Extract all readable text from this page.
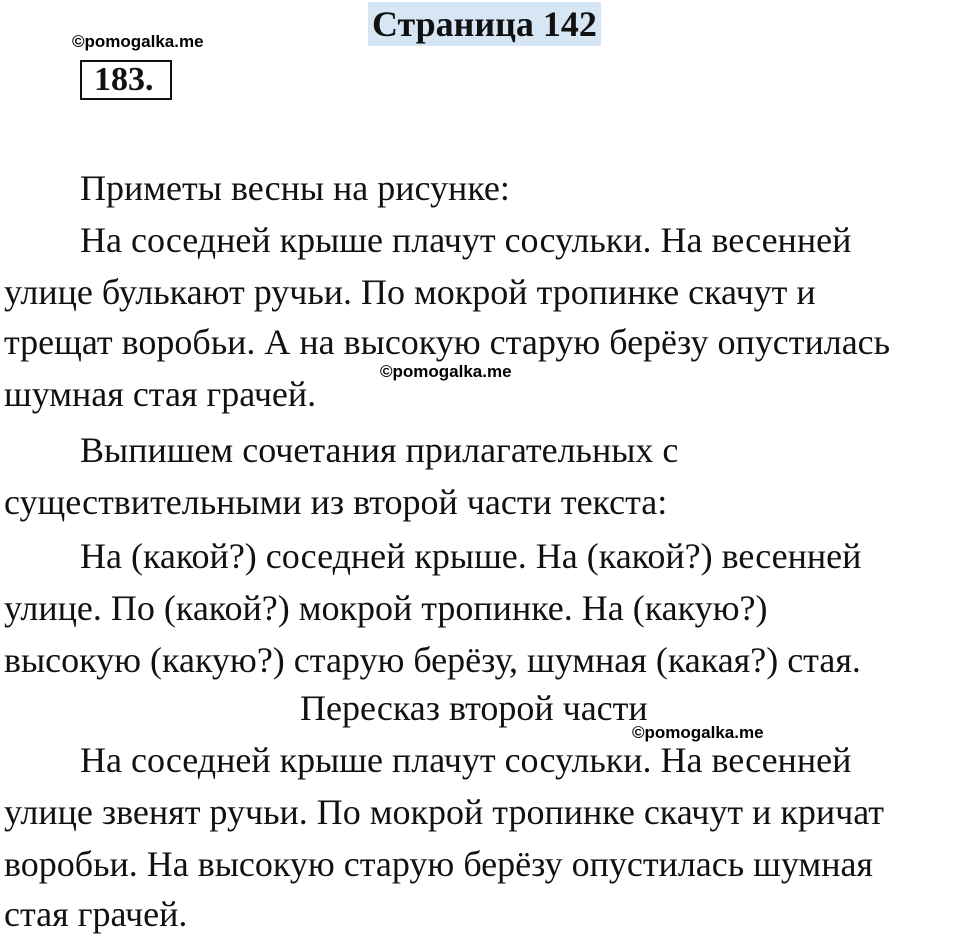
Страница 142
©pomogalka.me
183.

Приметы весны на рисунке:

На соседней крыше плачут сосульки. На весенней

улице булькают ручьи. По мокрой тропинке скачут и

трещат воробьи. А на высокую старую берёзу опустилась

шумная стая грачей.

©pomogalka.me

Выпишем сочетания прилагательных с

существительными из второй части текста:

На (какой?) соседней крыше. На (какой?) весенней

улице. По (какой?) мокрой тропинке. На (какую?)

высокую (какую?) старую берёзу, шумная (какая?) стая.

Пересказ второй части

©pomogalka.me

На соседней крыше плачут сосульки. На весенней

улице звенят ручьи. По мокрой тропинке скачут и кричат

воробьи. На высокую старую берёзу опустилась шумная

стая грачей.
